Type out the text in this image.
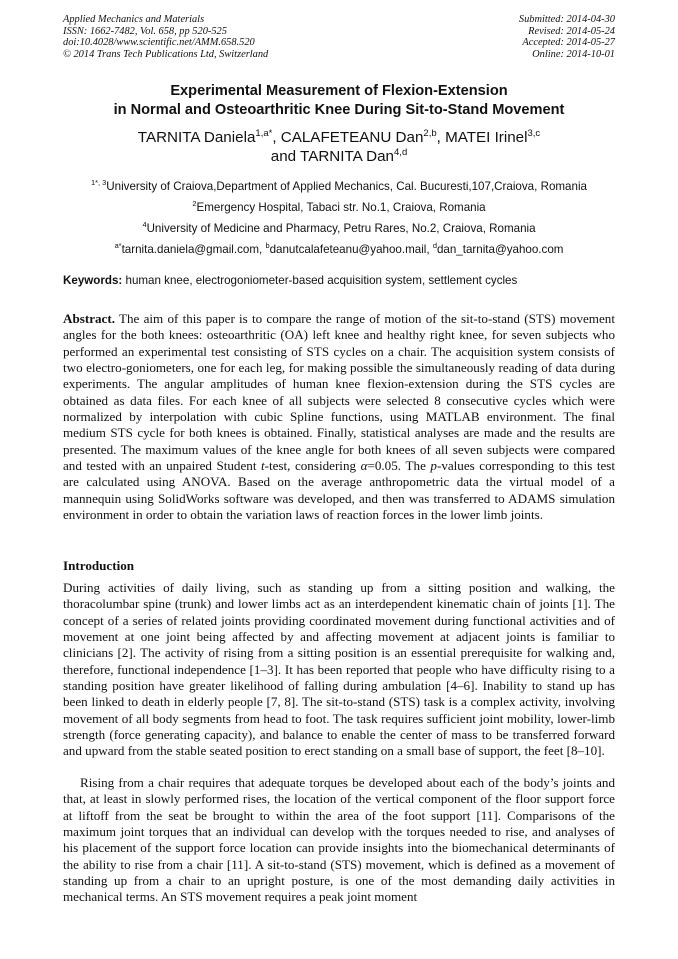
Applied Mechanics and Materials
ISSN: 1662-7482, Vol. 658, pp 520-525
doi:10.4028/www.scientific.net/AMM.658.520
© 2014 Trans Tech Publications Ltd, Switzerland
Submitted: 2014-04-30
Revised: 2014-05-24
Accepted: 2014-05-27
Online: 2014-10-01
Experimental Measurement of Flexion-Extension
in Normal and Osteoarthritic Knee During Sit-to-Stand Movement
TARNITA Daniela$^{1,a*}$, CALAFETEANU Dan$^{2,b}$, MATEI Irinel$^{3,c}$
and TARNITA Dan$^{4,d}$
$^{1*, 3}$University of Craiova,Department of Applied Mechanics, Cal. Bucuresti,107,Craiova, Romania
$^2$Emergency Hospital, Tabaci str. No.1, Craiova, Romania
$^4$University of Medicine and Pharmacy, Petru Rares, No.2, Craiova, Romania
$^{a*}$tarnita.daniela@gmail.com, $^b$danutcalafeteanu@yahoo.mail, $^d$dan_tarnita@yahoo.com
Keywords: human knee, electrogoniometer-based acquisition system, settlement cycles

Abstract. The aim of this paper is to compare the range of motion of the sit-to-stand (STS) movement angles for the both knees: osteoarthritic (OA) left knee and healthy right knee, for seven subjects who performed an experimental test consisting of STS cycles on a chair. The acquisition system consists of two electro-goniometers, one for each leg, for making possible the simultaneously reading of data during experiments. The angular amplitudes of human knee flexion-extension during the STS cycles are obtained as data files. For each knee of all subjects were selected 8 consecutive cycles which were normalized by interpolation with cubic Spline functions, using MATLAB environment. The final medium STS cycle for both knees is obtained. Finally, statistical analyses are made and the results are presented. The maximum values of the knee angle for both knees of all seven subjects were compared and tested with an unpaired Student t-test, considering α=0.05. The p-values corresponding to this test are calculated using ANOVA. Based on the average anthropometric data the virtual model of a mannequin using SolidWorks software was developed, and then was transferred to ADAMS simulation environment in order to obtain the variation laws of reaction forces in the lower limb joints.

Introduction

During activities of daily living, such as standing up from a sitting position and walking, the thoracolumbar spine (trunk) and lower limbs act as an interdependent kinematic chain of joints [1]. The concept of a series of related joints providing coordinated movement during functional activities and of movement at one joint being affected by and affecting movement at adjacent joints is familiar to clinicians [2]. The activity of rising from a sitting position is an essential prerequisite for walking and, therefore, functional independence [1–3]. It has been reported that people who have difficulty rising to a standing position have greater likelihood of falling during ambulation [4–6]. Inability to stand up has been linked to death in elderly people [7, 8]. The sit-to-stand (STS) task is a complex activity, involving movement of all body segments from head to foot. The task requires sufficient joint mobility, lower-limb strength (force generating capacity), and balance to enable the center of mass to be transferred forward and upward from the stable seated position to erect standing on a small base of support, the feet [8–10].

Rising from a chair requires that adequate torques be developed about each of the body’s joints and that, at least in slowly performed rises, the location of the vertical component of the floor support force at liftoff from the seat be brought to within the area of the foot support [11]. Comparisons of the maximum joint torques that an individual can develop with the torques needed to rise, and analyses of his placement of the support force location can provide insights into the biomechanical determinants of the ability to rise from a chair [11]. A sit-to-stand (STS) movement, which is defined as a movement of standing up from a chair to an upright posture, is one of the most demanding daily activities in mechanical terms. An STS movement requires a peak joint moment
